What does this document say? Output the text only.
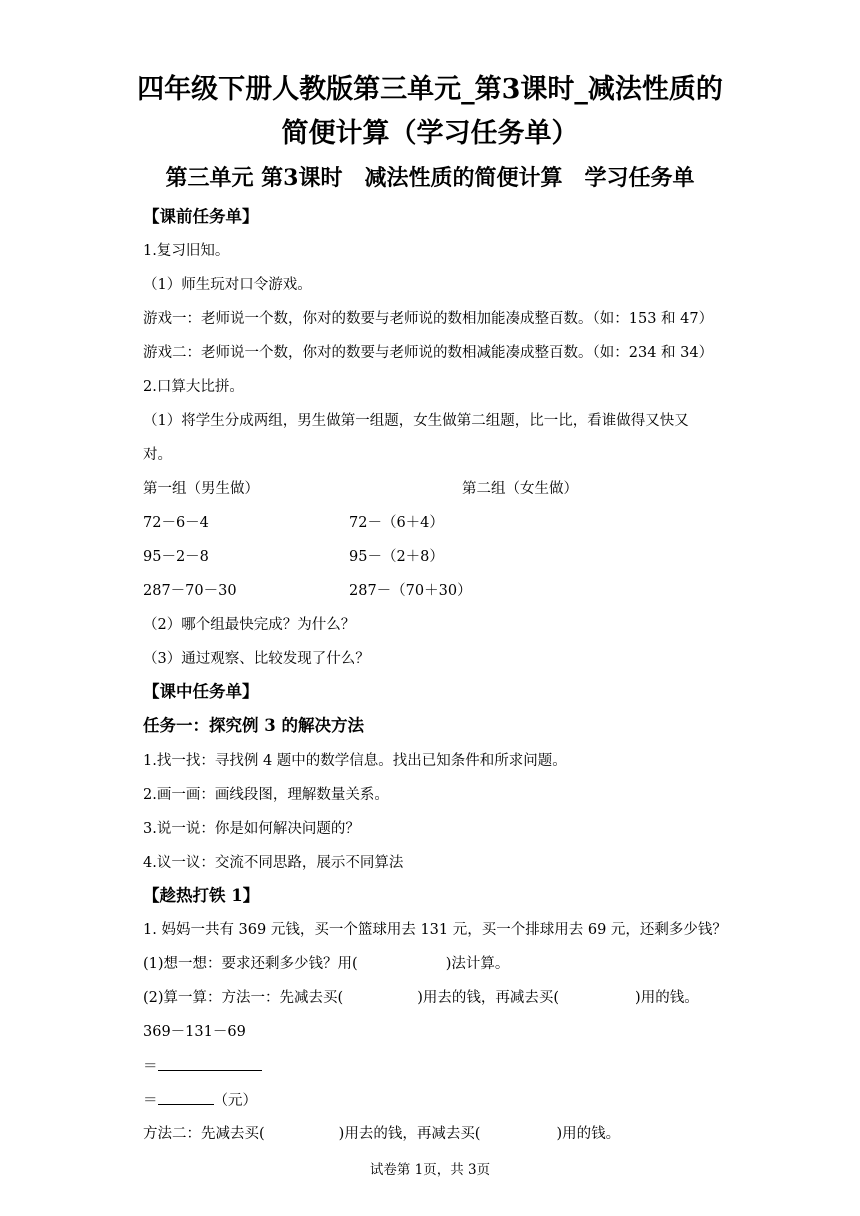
四年级下册人教版第三单元_第3课时_减法性质的
简便计算（学习任务单）
第三单元 第3课时　减法性质的简便计算　学习任务单
【课前任务单】
1.复习旧知。
（1）师生玩对口令游戏。
游戏一：老师说一个数，你对的数要与老师说的数相加能凑成整百数。（如：153 和 47）
游戏二：老师说一个数，你对的数要与老师说的数相减能凑成整百数。（如：234 和 34）
2.口算大比拼。
（1）将学生分成两组，男生做第一组题，女生做第二组题，比一比，看谁做得又快又
对。
第一组（男生做）	第二组（女生做）
72－6－4	72－（6＋4）
95－2－8	95－（2＋8）
287－70－30	287－（70＋30）
（2）哪个组最快完成？为什么？
（3）通过观察、比较发现了什么？
【课中任务单】
任务一：探究例 3 的解决方法
1.找一找：寻找例 4 题中的数学信息。找出已知条件和所求问题。
2.画一画：画线段图，理解数量关系。
3.说一说：你是如何解决问题的？
4.议一议：交流不同思路，展示不同算法
【趁热打铁 1】
1. 妈妈一共有 369 元钱，买一个篮球用去 131 元，买一个排球用去 69 元，还剩多少钱？
(1)想一想：要求还剩多少钱？用(	)法计算。
(2)算一算：方法一：先减去买(	)用去的钱，再减去买(	)用的钱。
369－131－69
＝
＝	（元）
方法二：先减去买(	)用去的钱，再减去买(	)用的钱。
试卷第 1页，共 3页
